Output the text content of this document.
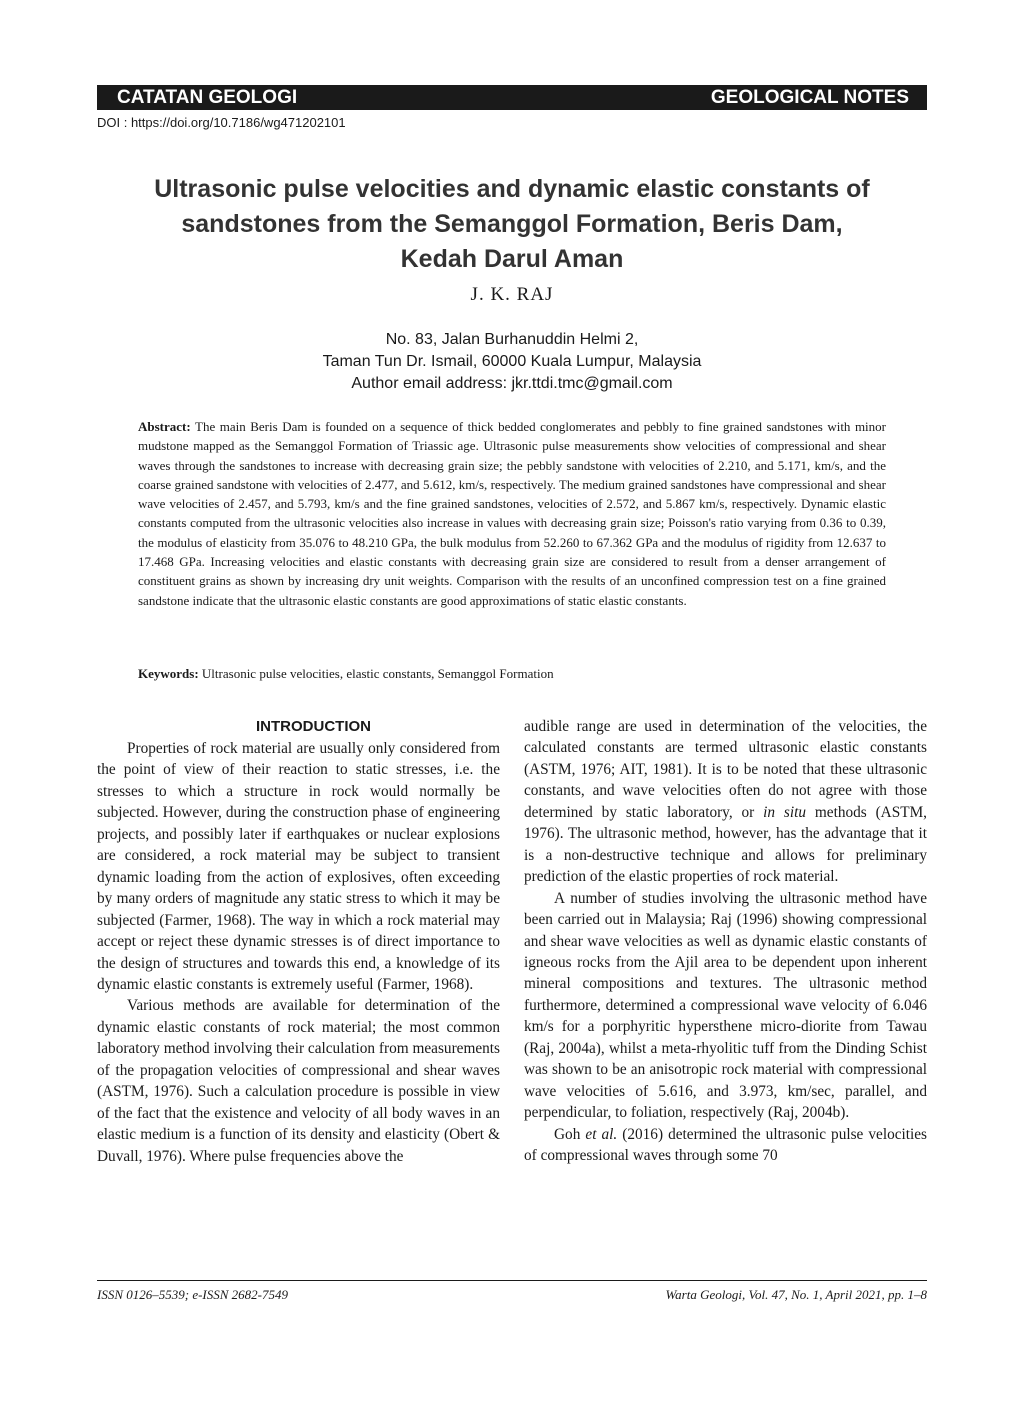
CATATAN GEOLOGI	GEOLOGICAL NOTES
DOI : https://doi.org/10.7186/wg471202101
Ultrasonic pulse velocities and dynamic elastic constants of
sandstones from the Semanggol Formation, Beris Dam,
Kedah Darul Aman
J. K. RAJ
No. 83, Jalan Burhanuddin Helmi 2,
Taman Tun Dr. Ismail, 60000 Kuala Lumpur, Malaysia
Author email address: jkr.ttdi.tmc@gmail.com
Abstract: The main Beris Dam is founded on a sequence of thick bedded conglomerates and pebbly to fine grained sandstones with minor mudstone mapped as the Semanggol Formation of Triassic age. Ultrasonic pulse measurements show velocities of compressional and shear waves through the sandstones to increase with decreasing grain size; the pebbly sandstone with velocities of 2.210, and 5.171, km/s, and the coarse grained sandstone with velocities of 2.477, and 5.612, km/s, respectively. The medium grained sandstones have compressional and shear wave velocities of 2.457, and 5.793, km/s and the fine grained sandstones, velocities of 2.572, and 5.867 km/s, respectively. Dynamic elastic constants computed from the ultrasonic velocities also increase in values with decreasing grain size; Poisson's ratio varying from 0.36 to 0.39, the modulus of elasticity from 35.076 to 48.210 GPa, the bulk modulus from 52.260 to 67.362 GPa and the modulus of rigidity from 12.637 to 17.468 GPa. Increasing velocities and elastic constants with decreasing grain size are considered to result from a denser arrangement of constituent grains as shown by increasing dry unit weights. Comparison with the results of an unconfined compression test on a fine grained sandstone indicate that the ultrasonic elastic constants are good approximations of static elastic constants.
Keywords: Ultrasonic pulse velocities, elastic constants, Semanggol Formation

INTRODUCTION

Properties of rock material are usually only considered from the point of view of their reaction to static stresses, i.e. the stresses to which a structure in rock would normally be subjected. However, during the construction phase of engineering projects, and possibly later if earthquakes or nuclear explosions are considered, a rock material may be subject to transient dynamic loading from the action of explosives, often exceeding by many orders of magnitude any static stress to which it may be subjected (Farmer, 1968). The way in which a rock material may accept or reject these dynamic stresses is of direct importance to the design of structures and towards this end, a knowledge of its dynamic elastic constants is extremely useful (Farmer, 1968).

Various methods are available for determination of the dynamic elastic constants of rock material; the most common laboratory method involving their calculation from measurements of the propagation velocities of compressional and shear waves (ASTM, 1976). Such a calculation procedure is possible in view of the fact that the existence and velocity of all body waves in an elastic medium is a function of its density and elasticity (Obert & Duvall, 1976). Where pulse frequencies above the

audible range are used in determination of the velocities, the calculated constants are termed ultrasonic elastic constants (ASTM, 1976; AIT, 1981). It is to be noted that these ultrasonic constants, and wave velocities often do not agree with those determined by static laboratory, or in situ methods (ASTM, 1976). The ultrasonic method, however, has the advantage that it is a non-destructive technique and allows for preliminary prediction of the elastic properties of rock material.

A number of studies involving the ultrasonic method have been carried out in Malaysia; Raj (1996) showing compressional and shear wave velocities as well as dynamic elastic constants of igneous rocks from the Ajil area to be dependent upon inherent mineral compositions and textures. The ultrasonic method furthermore, determined a compressional wave velocity of 6.046 km/s for a porphyritic hypersthene micro-diorite from Tawau (Raj, 2004a), whilst a meta-rhyolitic tuff from the Dinding Schist was shown to be an anisotropic rock material with compressional wave velocities of 5.616, and 3.973, km/sec, parallel, and perpendicular, to foliation, respectively (Raj, 2004b).

Goh et al. (2016) determined the ultrasonic pulse velocities of compressional waves through some 70

ISSN 0126–5539; e-ISSN 2682-7549	Warta Geologi, Vol. 47, No. 1, April 2021, pp. 1–8
